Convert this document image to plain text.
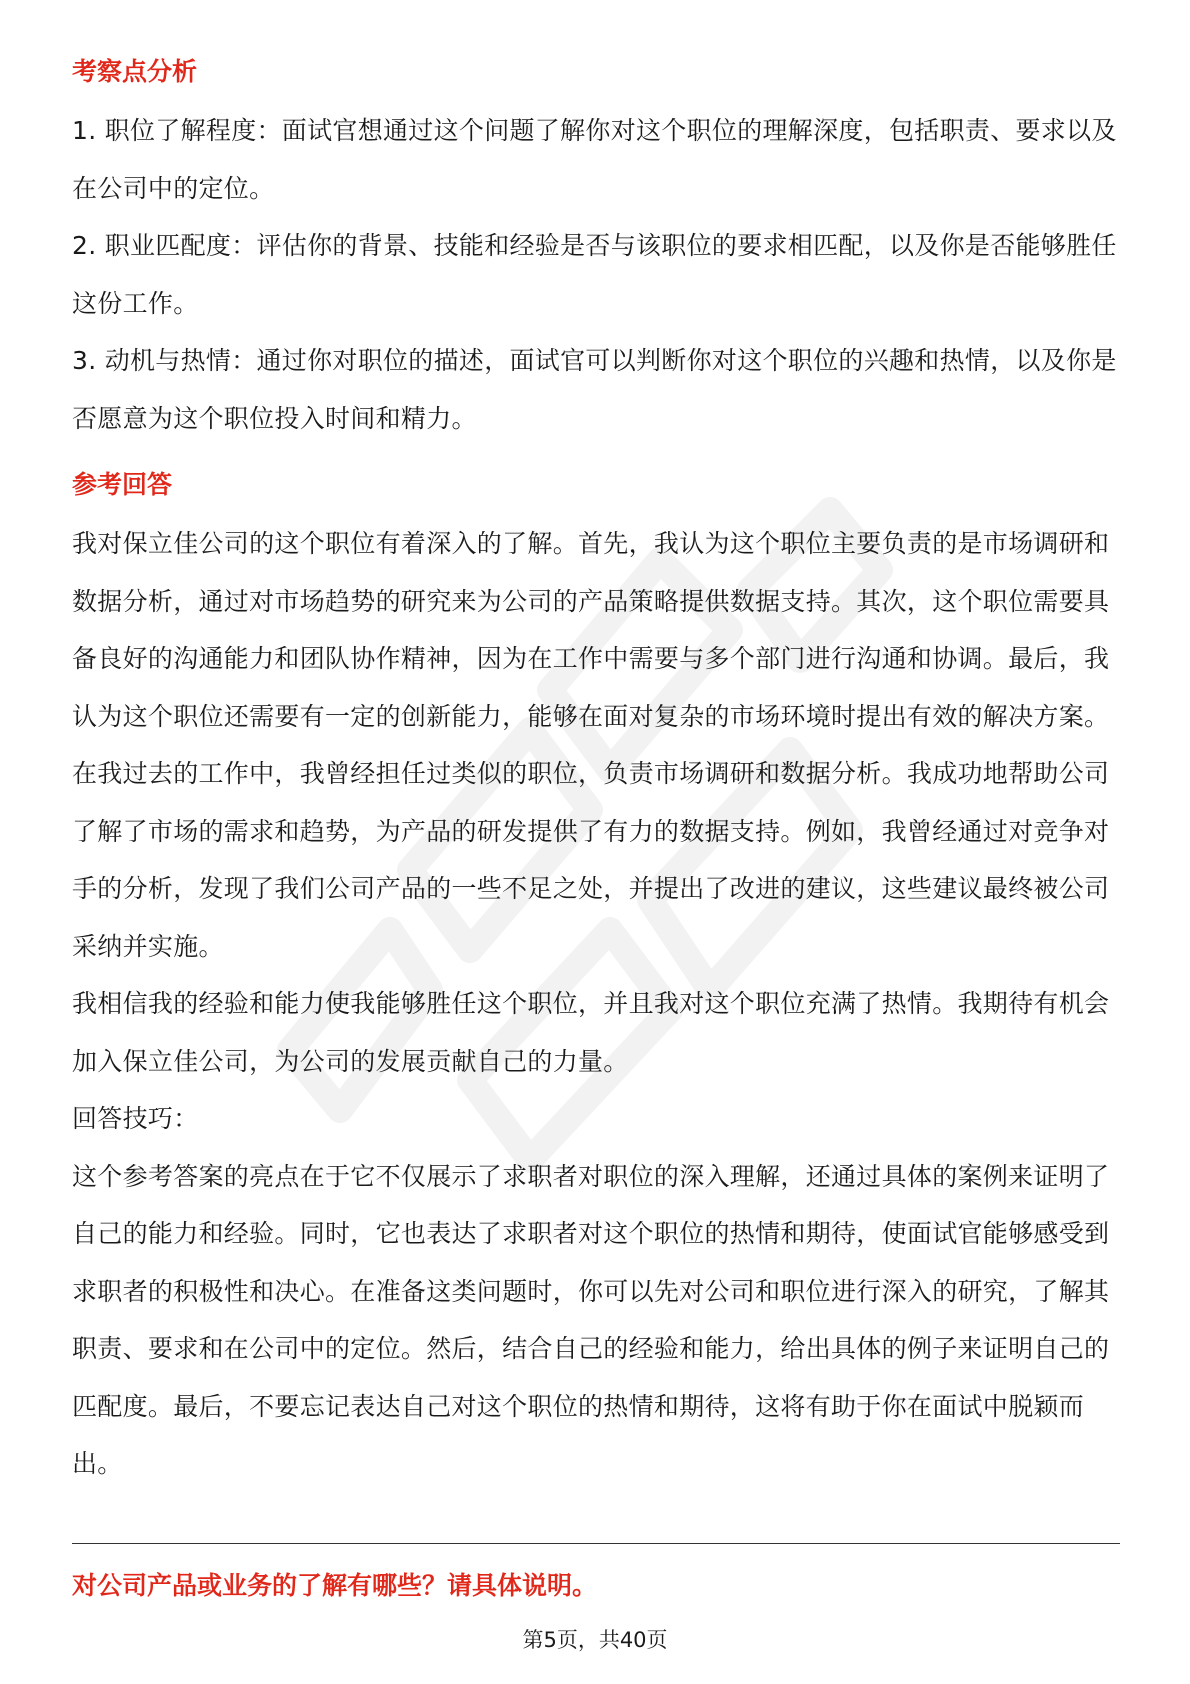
考察点分析

1. 职位了解程度：面试官想通过这个问题了解你对这个职位的理解深度，包括职责、要求以及在公司中的定位。

2. 职业匹配度：评估你的背景、技能和经验是否与该职位的要求相匹配，以及你是否能够胜任这份工作。

3. 动机与热情：通过你对职位的描述，面试官可以判断你对这个职位的兴趣和热情，以及你是否愿意为这个职位投入时间和精力。

参考回答

我对保立佳公司的这个职位有着深入的了解。首先，我认为这个职位主要负责的是市场调研和数据分析，通过对市场趋势的研究来为公司的产品策略提供数据支持。其次，这个职位需要具备良好的沟通能力和团队协作精神，因为在工作中需要与多个部门进行沟通和协调。最后，我认为这个职位还需要有一定的创新能力，能够在面对复杂的市场环境时提出有效的解决方案。

在我过去的工作中，我曾经担任过类似的职位，负责市场调研和数据分析。我成功地帮助公司了解了市场的需求和趋势，为产品的研发提供了有力的数据支持。例如，我曾经通过对竞争对手的分析，发现了我们公司产品的一些不足之处，并提出了改进的建议，这些建议最终被公司采纳并实施。

我相信我的经验和能力使我能够胜任这个职位，并且我对这个职位充满了热情。我期待有机会加入保立佳公司，为公司的发展贡献自己的力量。

回答技巧：

这个参考答案的亮点在于它不仅展示了求职者对职位的深入理解，还通过具体的案例来证明了自己的能力和经验。同时，它也表达了求职者对这个职位的热情和期待，使面试官能够感受到求职者的积极性和决心。在准备这类问题时，你可以先对公司和职位进行深入的研究，了解其职责、要求和在公司中的定位。然后，结合自己的经验和能力，给出具体的例子来证明自己的匹配度。最后，不要忘记表达自己对这个职位的热情和期待，这将有助于你在面试中脱颖而出。

对公司产品或业务的了解有哪些？请具体说明。

第5页，共40页
